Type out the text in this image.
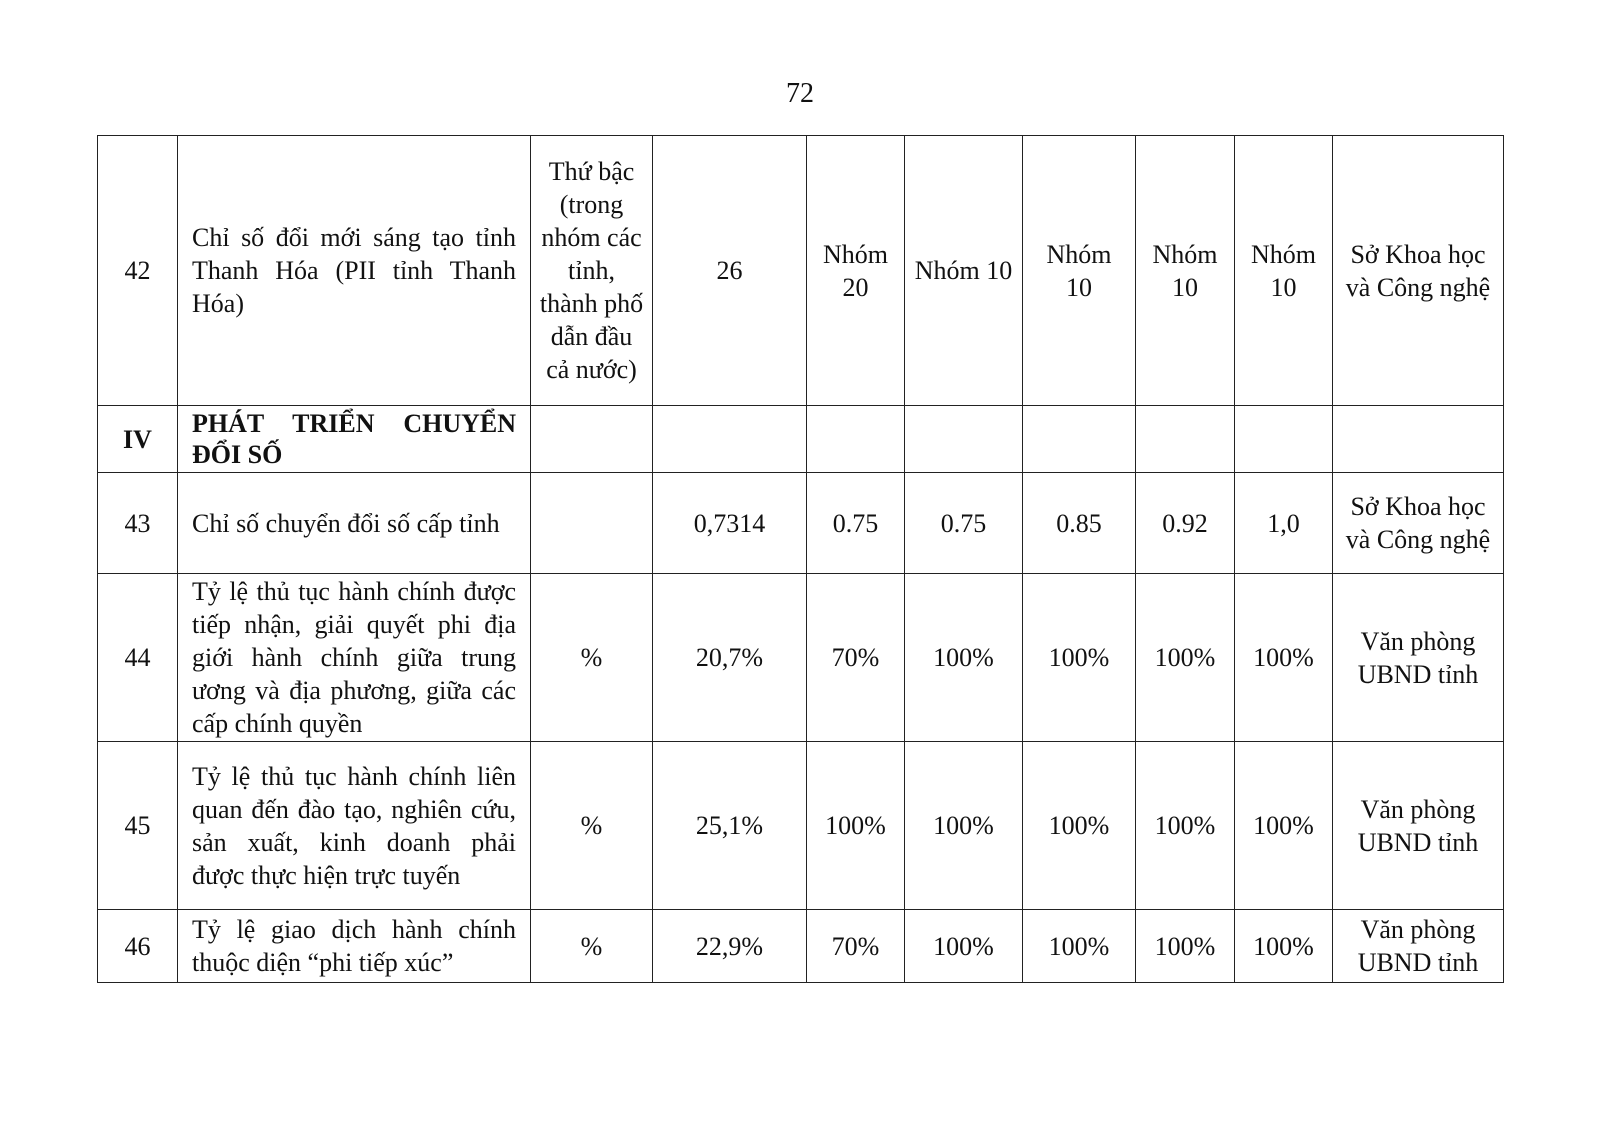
72
42	Chỉ số đổi mới sáng tạo tỉnh Thanh Hóa (PII tỉnh Thanh Hóa)	Thứ bậc (trong nhóm các tỉnh, thành phố dẫn đầu cả nước)	26	Nhóm 20	Nhóm 10	Nhóm 10	Nhóm 10	Nhóm 10	Sở Khoa học và Công nghệ
IV	PHÁT TRIỂN CHUYỂN ĐỔI SỐ								
43	Chỉ số chuyển đổi số cấp tỉnh		0,7314	0.75	0.75	0.85	0.92	1,0	Sở Khoa học và Công nghệ
44	Tỷ lệ thủ tục hành chính được tiếp nhận, giải quyết phi địa giới hành chính giữa trung ương và địa phương, giữa các cấp chính quyền	%	20,7%	70%	100%	100%	100%	100%	Văn phòng UBND tỉnh
45	Tỷ lệ thủ tục hành chính liên quan đến đào tạo, nghiên cứu, sản xuất, kinh doanh phải được thực hiện trực tuyến	%	25,1%	100%	100%	100%	100%	100%	Văn phòng UBND tỉnh
46	Tỷ lệ giao dịch hành chính thuộc diện “phi tiếp xúc”	%	22,9%	70%	100%	100%	100%	100%	Văn phòng UBND tỉnh
